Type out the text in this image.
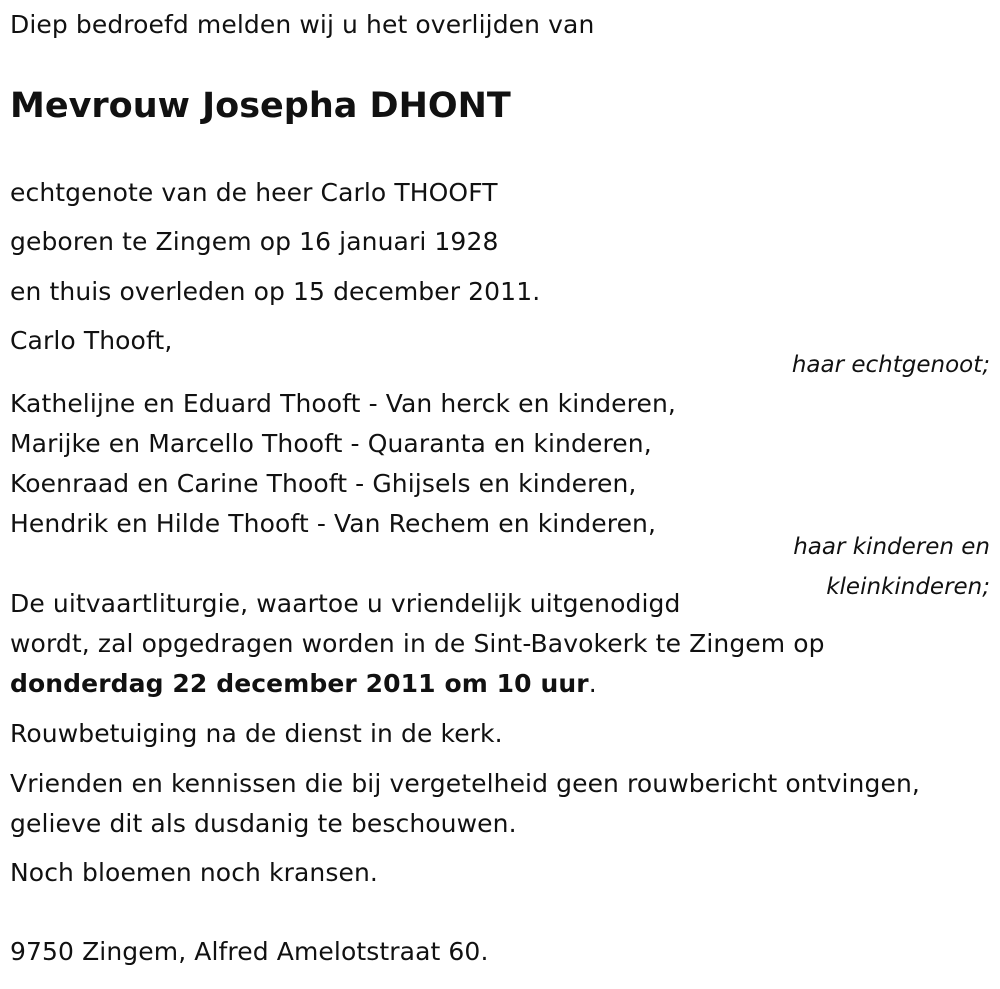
Diep bedroefd melden wij u het overlijden van
Mevrouw Josepha DHONT
echtgenote van de heer Carlo THOOFT
geboren te Zingem op 16 januari 1928
en thuis overleden op 15 december 2011.
Carlo Thooft,
haar echtgenoot;
Kathelijne en Eduard Thooft - Van herck en kinderen,
Marijke en Marcello Thooft - Quaranta en kinderen,
Koenraad en Carine Thooft - Ghijsels en kinderen,
Hendrik en Hilde Thooft - Van Rechem en kinderen,
haar kinderen en
kleinkinderen;
De uitvaartliturgie, waartoe u vriendelijk uitgenodigd
wordt, zal opgedragen worden in de Sint-Bavokerk te Zingem op
donderdag 22 december 2011 om 10 uur.
Rouwbetuiging na de dienst in de kerk.
Vrienden en kennissen die bij vergetelheid geen rouwbericht ontvingen,
gelieve dit als dusdanig te beschouwen.
Noch bloemen noch kransen.
9750 Zingem, Alfred Amelotstraat 60.
